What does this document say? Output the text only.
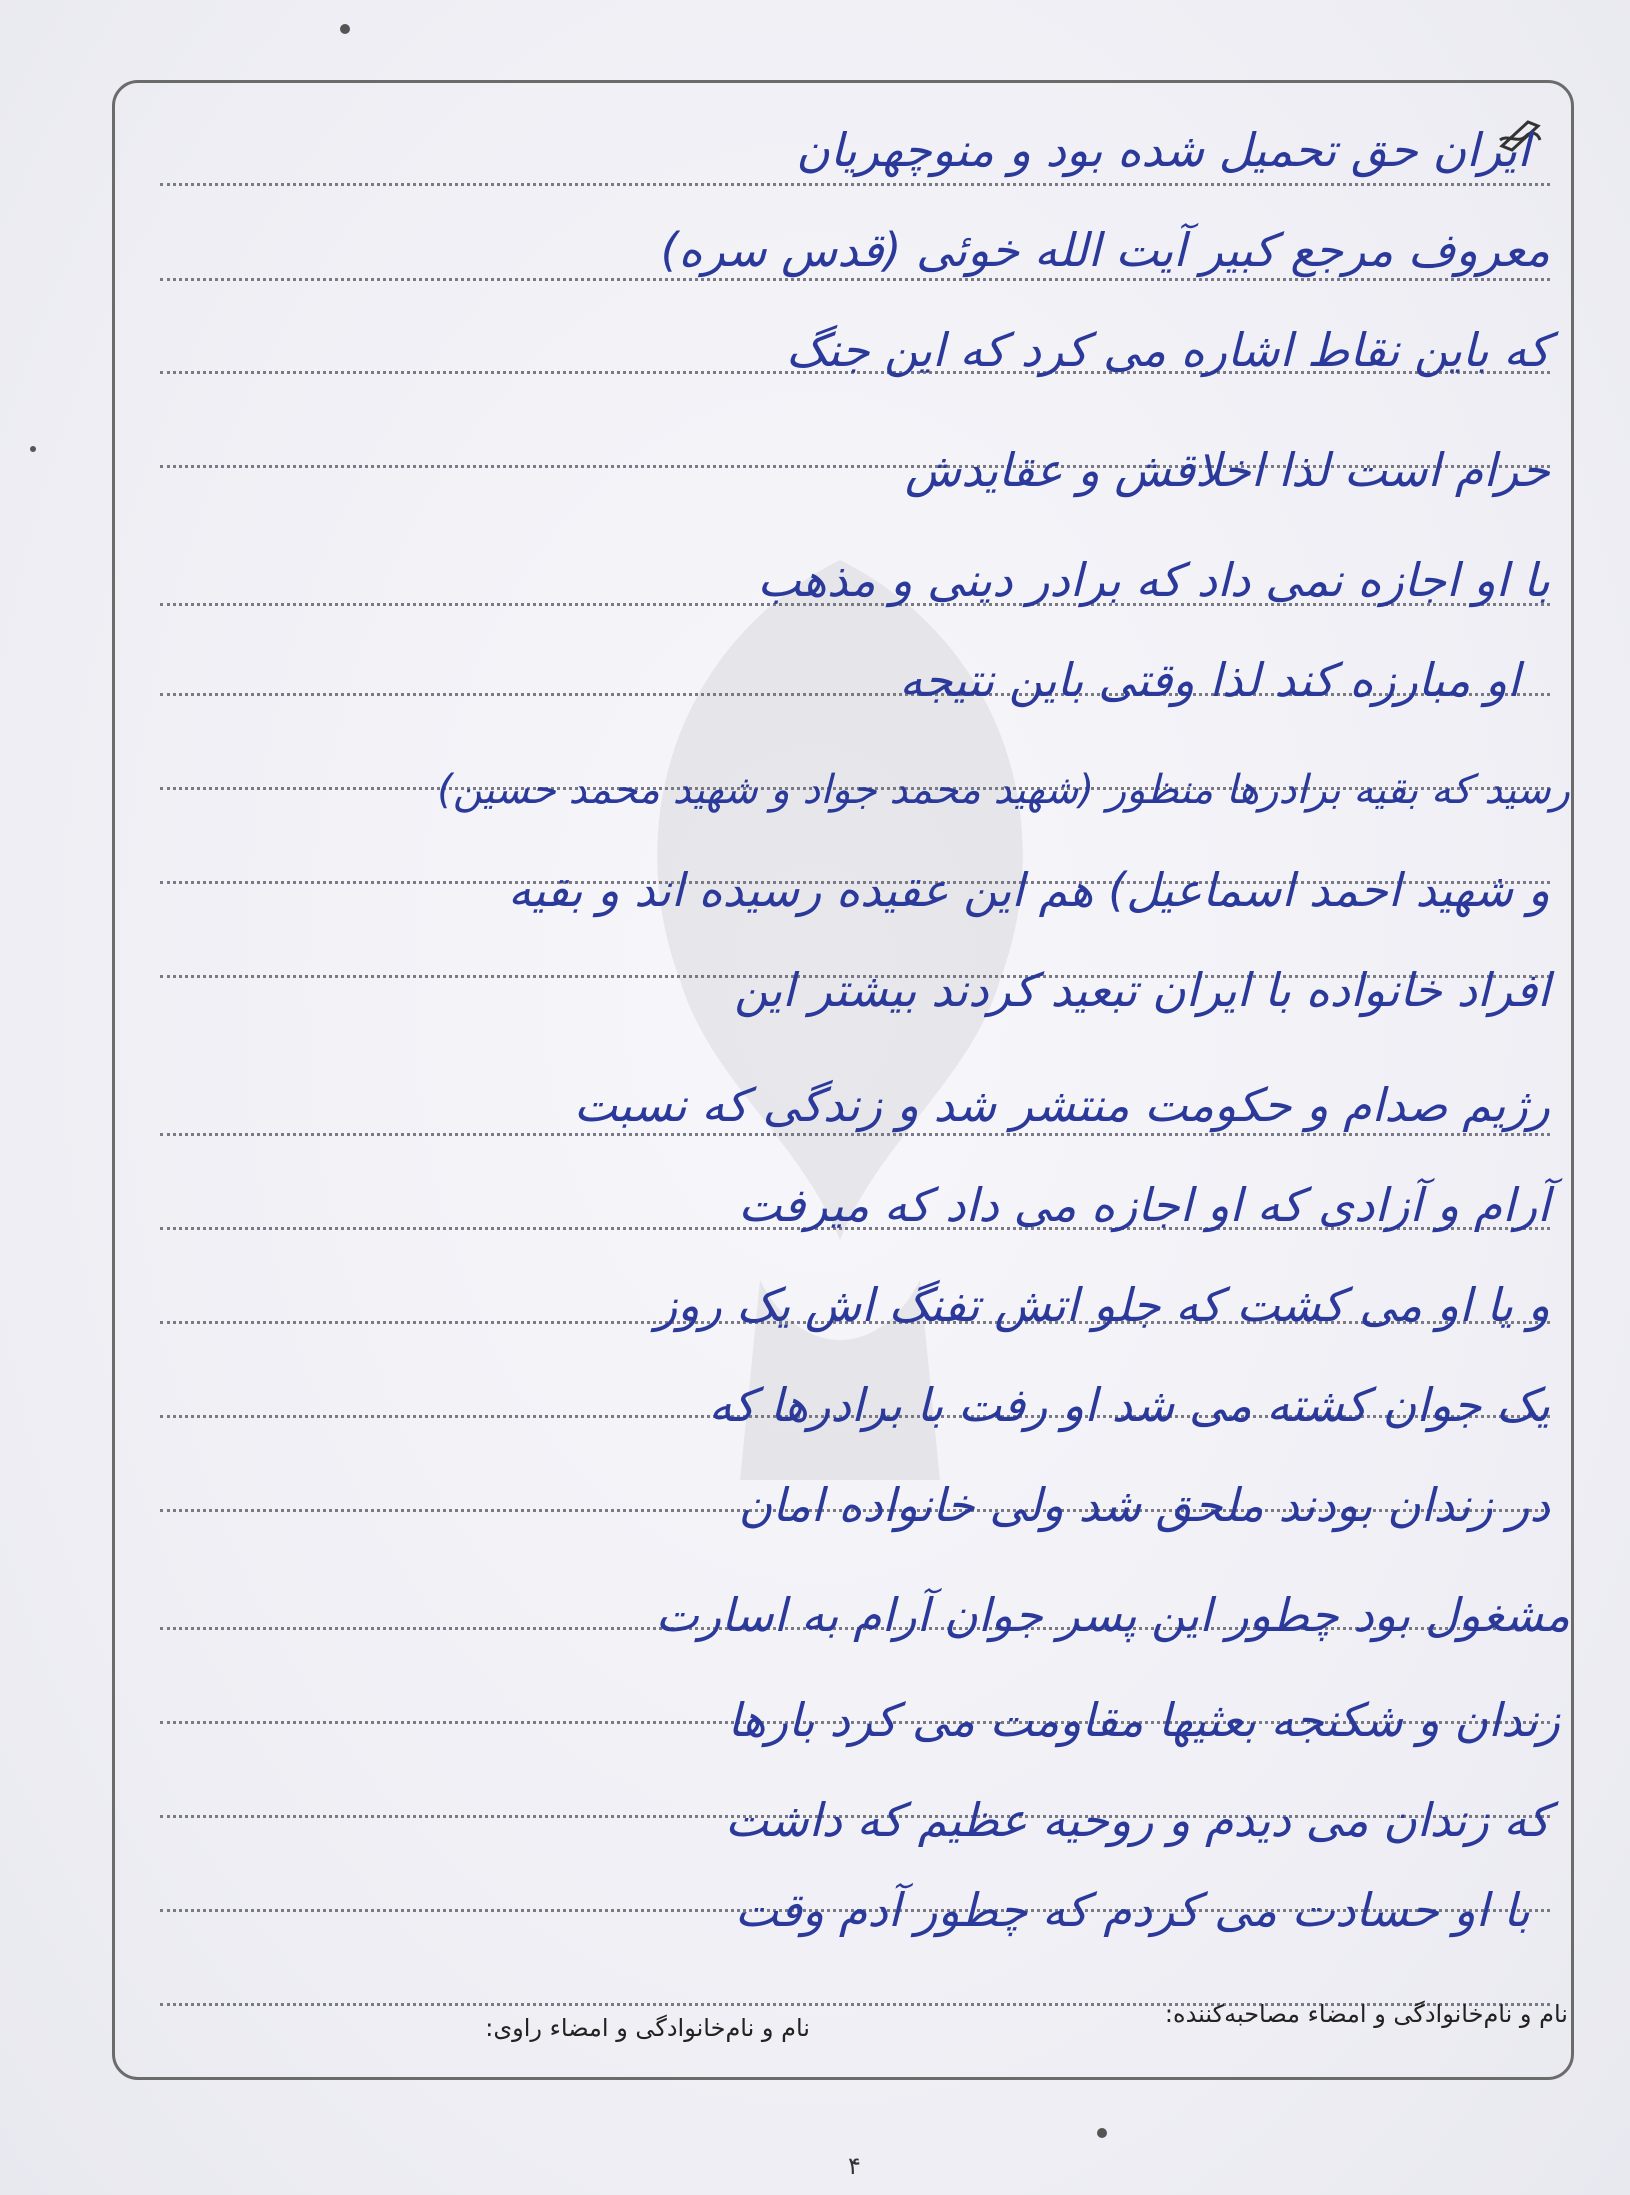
ایران حق تحمیل شده بود و منوچهریان
معروف مرجع کبیر آیت الله خوئی (قدس سره)
که باین نقاط اشاره می کرد که این جنگ
حرام است لذا اخلاقش و عقایدش
با او اجازه نمی داد که برادر دینی و مذهب
او مبارزه کند لذا وقتی باین نتیجه
رسید که بقیه برادرها منظور (شهید محمد جواد و شهید محمد حسین)
و شهید احمد اسماعیل) هم این عقیده رسیده اند و بقیه
افراد خانواده با ایران تبعید کردند بیشتر این
رژیم صدام و حکومت منتشر شد و زندگی که نسبت
آرام و آزادی که او اجازه می داد که میرفت
و یا او می کشت که جلو اتش تفنگ اش یک روز
یک جوان کشته می شد او رفت با برادرها که
در زندان بودند ملحق شد ولی خانواده امان
مشغول بود چطور این پسر جوان آرام به اسارت
زندان و شکنجه بعثیها مقاومت می کرد بارها
که زندان می دیدم و روحیه عظیم که داشت
با او حسادت می کردم که چطور آدم وقت
نام و نام‌خانوادگی و امضاء مصاحبه‌کننده:
نام و نام‌خانوادگی و امضاء راوی:
۴
